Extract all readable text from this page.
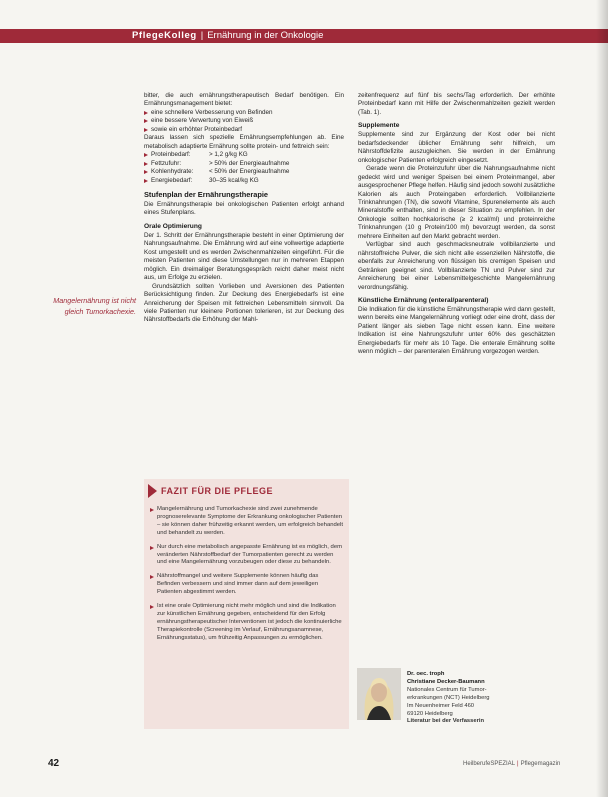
PflegeKolleg | Ernährung in der Onkologie
Mangelernährung ist nicht gleich Tumorkachexie.

bitter, die auch ernährungstherapeutisch Bedarf benötigen. Ein Ernährungsmanagement bietet:

eine schnellere Verbesserung von Befinden
eine bessere Verwertung von Eiweiß
sowie ein erhöhter Proteinbedarf

Daraus lassen sich spezielle Ernährungsempfehlungen ab. Eine metabolisch adaptierte Ernährung sollte protein- und fettreich sein:

Proteinbedarf:	> 1,2 g/kg KG
Fettzufuhr:	> 50% der Energieaufnahme
Kohlenhydrate:	< 50% der Energieaufnahme
Energiebedarf:	30–35 kcal/kg KG
Stufenplan der Ernährungstherapie

Die Ernährungstherapie bei onkologischen Patienten erfolgt anhand eines Stufenplans.

Orale Optimierung

Der 1. Schritt der Ernährungstherapie besteht in einer Optimierung der Nahrungsaufnahme. Die Ernährung wird auf eine vollwertige adaptierte Kost umgestellt und es werden Zwischenmahlzeiten eingeführt. Für die meisten Patienten sind diese Umstellungen nur in mehreren Etappen möglich. Ein dreimaliger Beratungsgespräch reicht daher meist nicht aus, um Erfolge zu erzielen.

Grundsätzlich sollten Vorlieben und Aversionen des Patienten Berücksichtigung finden. Zur Deckung des Energiebedarfs ist eine Anreicherung der Speisen mit fettreichen Lebensmitteln sinnvoll. Da viele Patienten nur kleinere Portionen tolerieren, ist zur Deckung des Nährstoffbedarfs die Erhöhung der Mahl-

zeitenfrequenz auf fünf bis sechs/Tag erforderlich. Der erhöhte Proteinbedarf kann mit Hilfe der Zwischenmahlzeiten gezielt werden (Tab. 1).

Supplemente

Supplemente sind zur Ergänzung der Kost oder bei nicht bedarfsdeckender üblicher Ernährung sehr hilfreich, um Nährstoffdefizite auszugleichen. Sie werden in der Ernährung onkologischer Patienten erfolgreich eingesetzt.

Gerade wenn die Proteinzufuhr über die Nahrungsaufnahme nicht gedeckt wird und weniger Speisen bei einem Proteinmangel, aber ausgesprochener Pflege helfen. Häufig sind jedoch sowohl zusätzliche Kalorien als auch Proteingaben erforderlich. Vollbilanzierte Trinknahrungen (TN), die sowohl Vitamine, Spurenelemente als auch Mineralstoffe enthalten, sind in dieser Situation zu empfehlen. In der Onkologie sollten hochkalorische (≥ 2 kcal/ml) und proteinreiche Trinknahrungen (10 g Protein/100 ml) bevorzugt werden, da sonst mehrere Einheiten auf den Markt gebracht werden.

Verfügbar sind auch geschmacksneutrale vollbilanzierte und nährstoffreiche Pulver, die sich nicht alle essenziellen Nährstoffe, die ebenfalls zur Anreicherung von flüssigen bis cremigen Speisen und Getränken geeignet sind. Vollbilanzierte TN und Pulver sind zur Anreicherung bei einer Lebensmittelgeschichte Mangelernährung verordnungsfähig.

Künstliche Ernährung (enteral/parenteral)

Die Indikation für die künstliche Ernährungstherapie wird dann gestellt, wenn bereits eine Mangelernährung vorliegt oder eine droht, dass der Patient länger als sieben Tage nicht essen kann. Eine weitere Indikation ist eine Nahrungszufuhr unter 60% des geschätzten Energiebedarfs für mehr als 10 Tage. Die enterale Ernährung sollte wenn möglich – der parenteralen Ernährung vorgezogen werden.

FAZIT FÜR DIE PFLEGE
Mangelernährung und Tumorkachexie sind zwei zunehmende prognoserelevante Symptome der Erkrankung onkologischer Patienten – sie können daher frühzeitig erkannt werden, um erfolgreich behandelt und behandelt zu werden.
Nur durch eine metabolisch angepasste Ernährung ist es möglich, dem veränderten Nährstoffbedarf der Tumorpatienten gerecht zu werden und eine Mangelernährung vorzubeugen oder diese zu behandeln.
Nährstoffmangel und weitere Supplemente können häufig das Befinden verbessern und sind immer dann auf dem jeweiligen Patienten abgestimmt werden.
Ist eine orale Optimierung nicht mehr möglich und sind die Indikation zur künstlichen Ernährung gegeben, entscheidend für den Erfolg ernährungstherapeutischer Interventionen ist jedoch die kontinuierliche Therapiekontrolle (Screening im Verlauf, Ernährungsanamnese, Ernährungsstatus), um frühzeitig Anpassungen zu ermöglichen.
Dr. oec. troph
Christiane Decker-Baumann
Nationales Centrum für Tumor-
erkrankungen (NCT) Heidelberg
Im Neuenheimer Feld 460
69120 Heidelberg
Literatur bei der Verfasserin
42	HeilberufeSPEZIAL | Pflegemagazin
